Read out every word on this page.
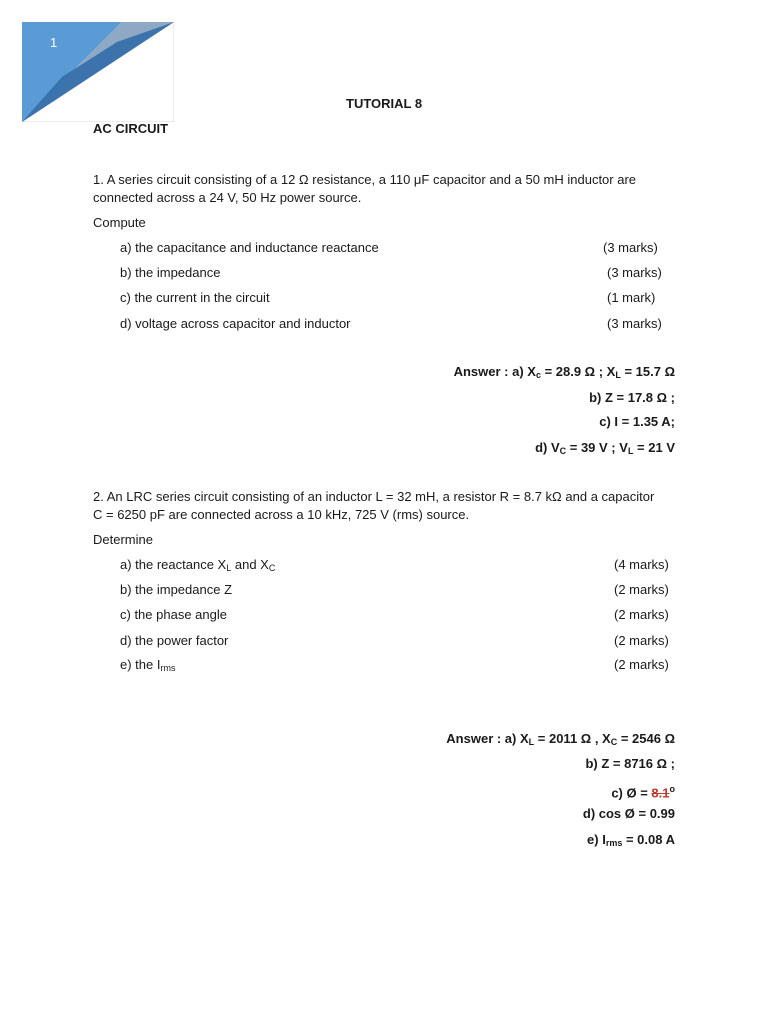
1
TUTORIAL 8
AC CIRCUIT
1. A series circuit consisting of a 12 Ω resistance, a 110 μF capacitor and a 50 mH inductor are
connected across a 24 V, 50 Hz power source.
Compute
a) the capacitance and inductance reactance	(3 marks)
b) the impedance	(3 marks)
c) the current in the circuit	(1 mark)
d) voltage across capacitor and inductor	(3 marks)
Answer : a) $X_c = 28.9$ Ω ; $X_L = 15.7$ Ω
b) Z = 17.8 Ω ;
c) I = 1.35 A;
d) $V_C = 39$ V ; $V_L = 21$ V
2. An LRC series circuit consisting of an inductor L = 32 mH, a resistor R = 8.7 kΩ and a capacitor
C = 6250 pF are connected across a 10 kHz, 725 V (rms) source.
Determine
a) the reactance $X_L$ and $X_C$	(4 marks)
b) the impedance Z	(2 marks)
c) the phase angle	(2 marks)
d) the power factor	(2 marks)
e) the $I_{rms}$	(2 marks)
Answer : a) $X_L = 2011$ Ω , $X_C = 2546$ Ω
b) Z = 8716 Ω ;
c) Ø = $8.1^o$
d) cos Ø = 0.99
e) $I_{rms} = 0.08$ A
